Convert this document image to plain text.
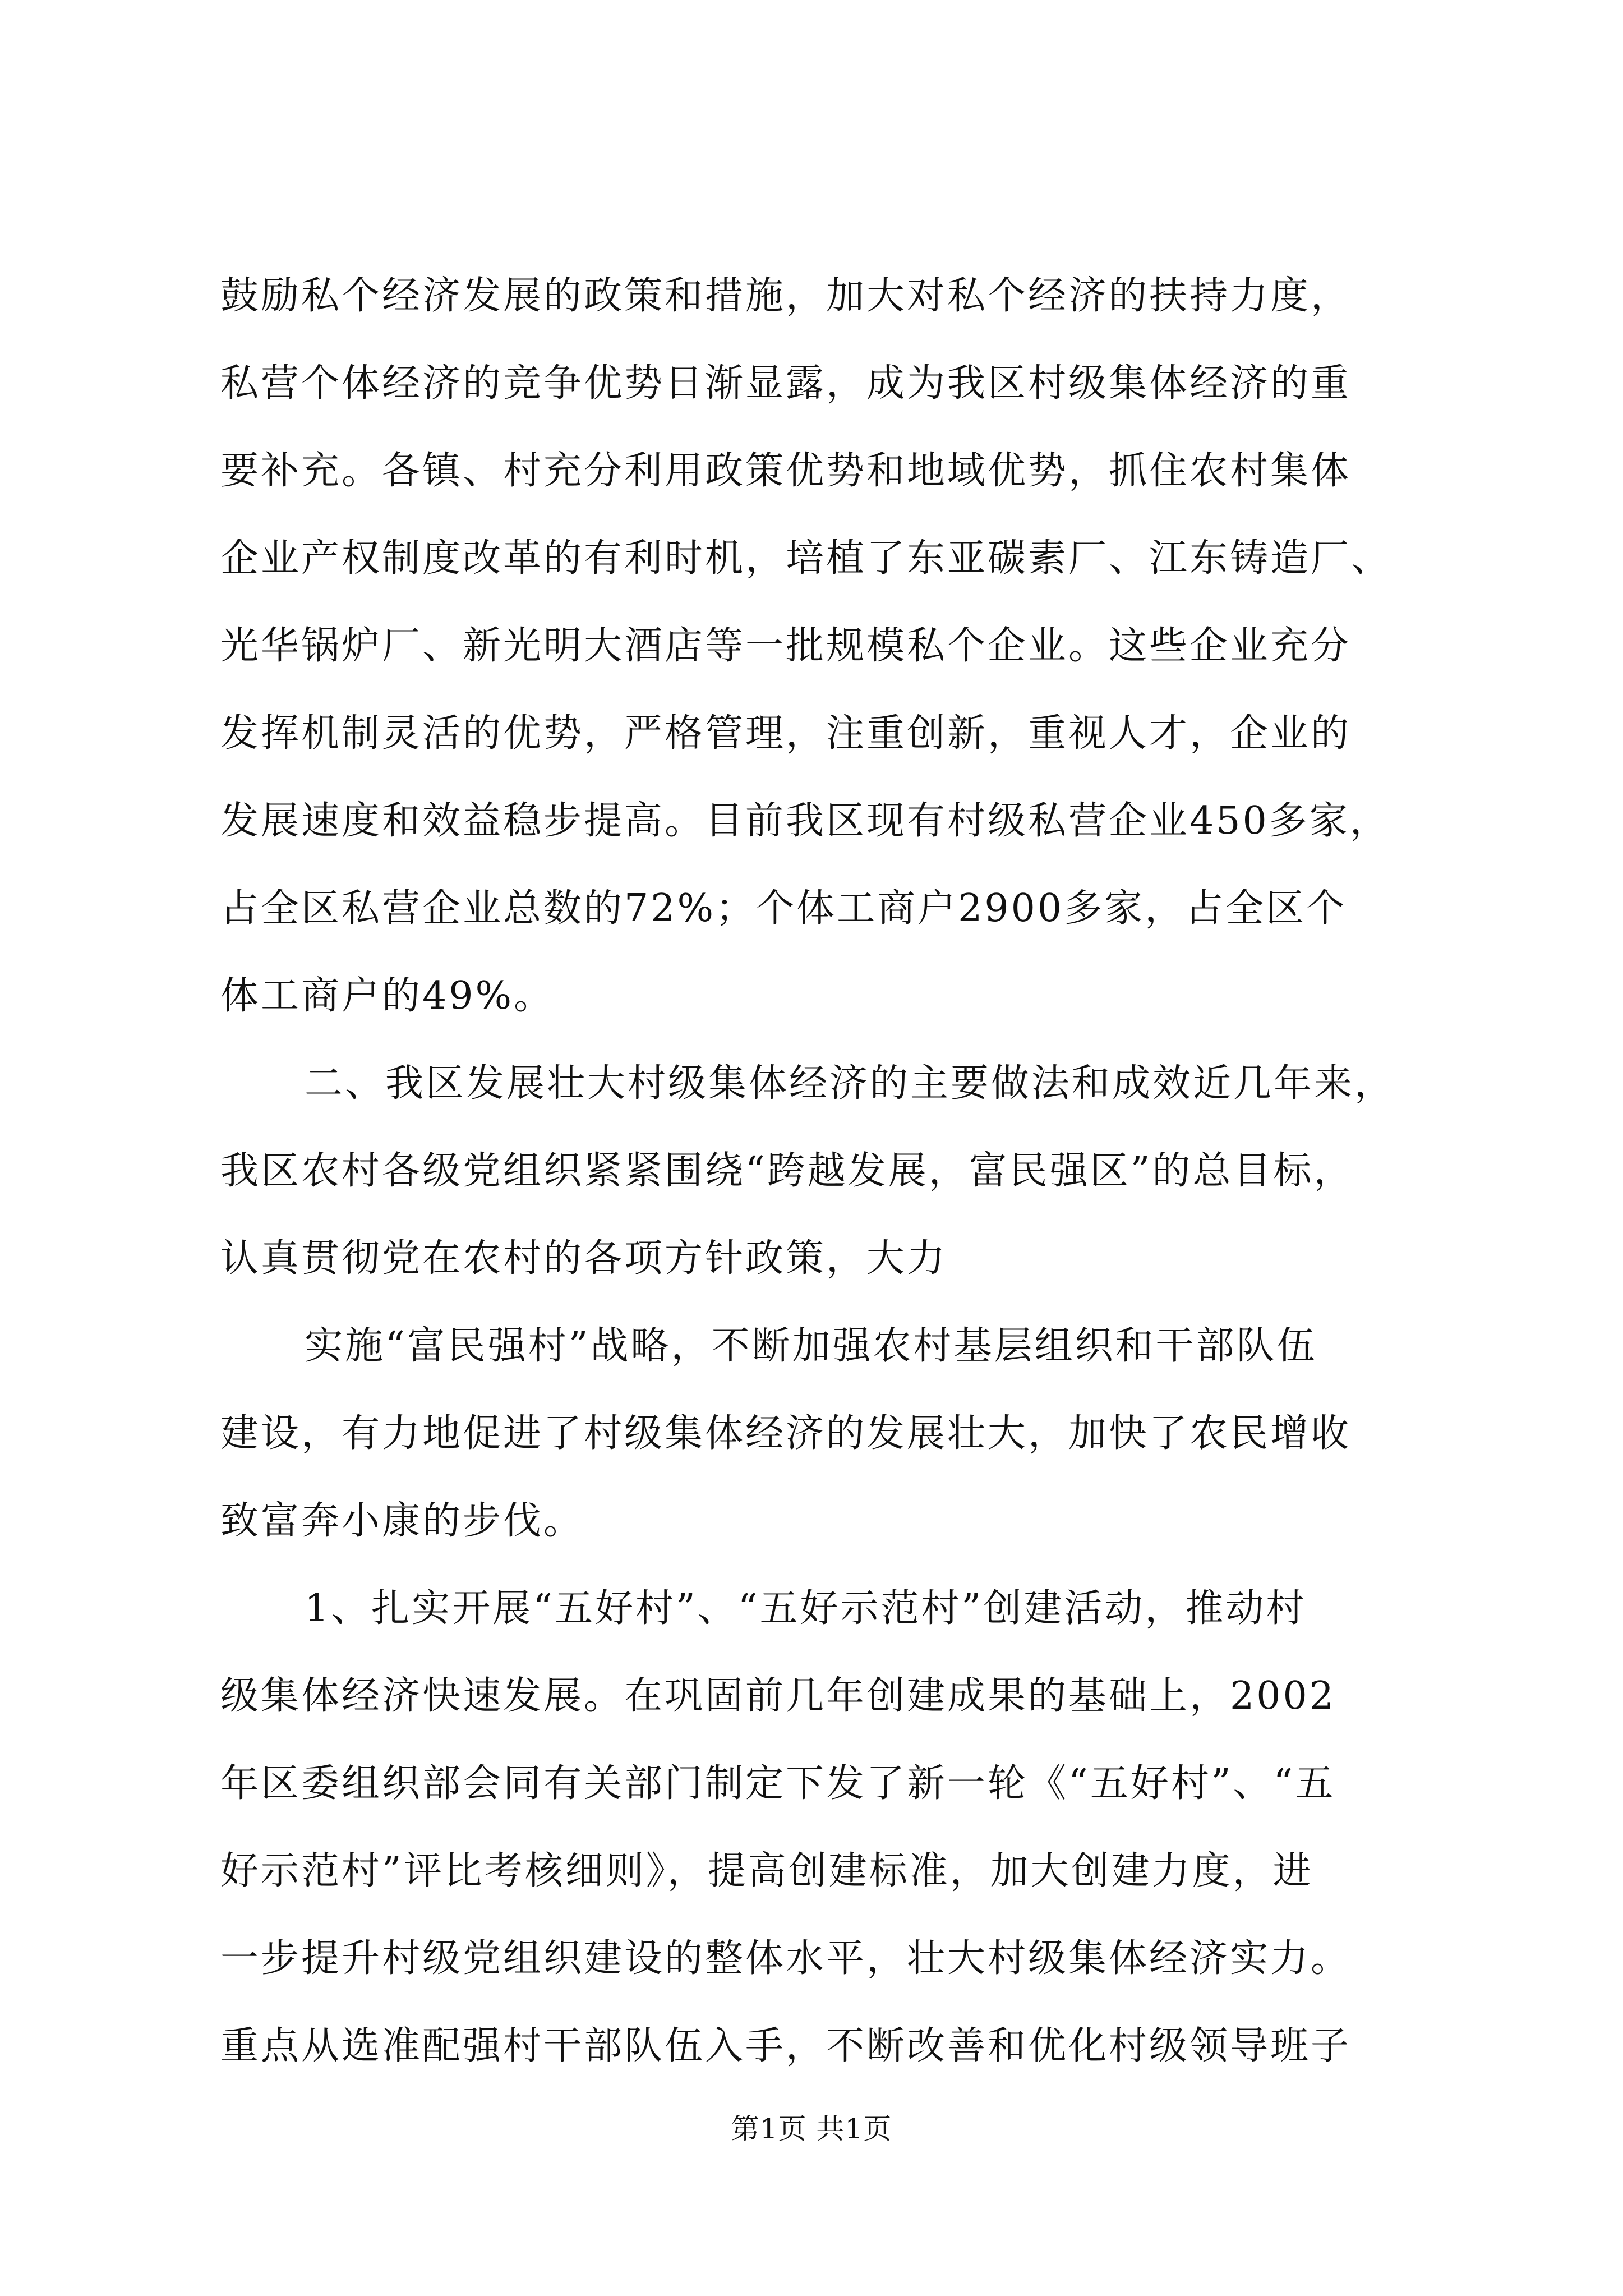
鼓励私个经济发展的政策和措施，加大对私个经济的扶持力度，
私营个体经济的竞争优势日渐显露，成为我区村级集体经济的重
要补充。各镇、村充分利用政策优势和地域优势，抓住农村集体
企业产权制度改革的有利时机，培植了东亚碳素厂、江东铸造厂、
光华锅炉厂、新光明大酒店等一批规模私个企业。这些企业充分
发挥机制灵活的优势，严格管理，注重创新，重视人才，企业的
发展速度和效益稳步提高。目前我区现有村级私营企业450多家，
占全区私营企业总数的72%；个体工商户2900多家，占全区个
体工商户的49%。
二、我区发展壮大村级集体经济的主要做法和成效近几年来，
我区农村各级党组织紧紧围绕“跨越发展，富民强区”的总目标，
认真贯彻党在农村的各项方针政策，大力
实施“富民强村”战略，不断加强农村基层组织和干部队伍
建设，有力地促进了村级集体经济的发展壮大，加快了农民增收
致富奔小康的步伐。
1、扎实开展“五好村”、“五好示范村”创建活动，推动村
级集体经济快速发展。在巩固前几年创建成果的基础上，2002
年区委组织部会同有关部门制定下发了新一轮《“五好村”、“五
好示范村”评比考核细则》，提高创建标准，加大创建力度，进
一步提升村级党组织建设的整体水平，壮大村级集体经济实力。
重点从选准配强村干部队伍入手，不断改善和优化村级领导班子
第1页 共1页
